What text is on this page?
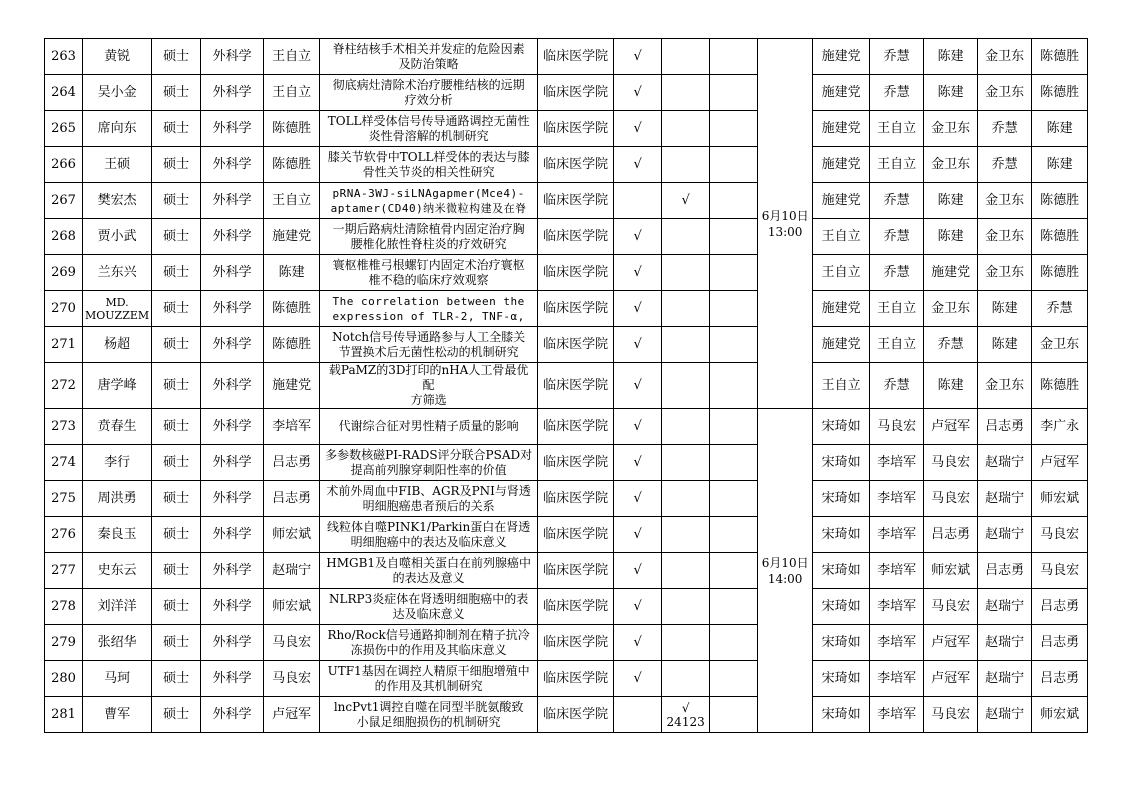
263	黄锐	硕士	外科学	王自立	脊柱结核手术相关并发症的危险因素
及防治策略	临床医学院	√			6月10日
13:00	施建党	乔慧	陈建	金卫东	陈德胜
264	吴小金	硕士	外科学	王自立	彻底病灶清除术治疗腰椎结核的远期
疗效分析	临床医学院	√				施建党	乔慧	陈建	金卫东	陈德胜
265	席向东	硕士	外科学	陈德胜	TOLL样受体信号传导通路调控无菌性
炎性骨溶解的机制研究	临床医学院	√				施建党	王自立	金卫东	乔慧	陈建
266	王硕	硕士	外科学	陈德胜	膝关节软骨中TOLL样受体的表达与膝
骨性关节炎的相关性研究	临床医学院	√				施建党	王自立	金卫东	乔慧	陈建
267	樊宏杰	硕士	外科学	王自立	pRNA-3WJ-siLNAgapmer(Mce4)-
aptamer(CD40)纳米微粒构建及在脊	临床医学院		√			施建党	乔慧	陈建	金卫东	陈德胜
268	贾小武	硕士	外科学	施建党	一期后路病灶清除植骨内固定治疗胸
腰椎化脓性脊柱炎的疗效研究	临床医学院	√				王自立	乔慧	陈建	金卫东	陈德胜
269	兰东兴	硕士	外科学	陈建	寰枢椎椎弓根螺钉内固定术治疗寰枢
椎不稳的临床疗效观察	临床医学院	√				王自立	乔慧	施建党	金卫东	陈德胜
270	MD.
MOUZZEM	硕士	外科学	陈德胜	The correlation between the
expression of TLR-2, TNF-α,	临床医学院	√				施建党	王自立	金卫东	陈建	乔慧
271	杨超	硕士	外科学	陈德胜	Notch信号传导通路参与人工全膝关
节置换术后无菌性松动的机制研究	临床医学院	√				施建党	王自立	乔慧	陈建	金卫东
272	唐学峰	硕士	外科学	施建党	载PaMZ的3D打印的nHA人工骨最优配
方筛选	临床医学院	√				王自立	乔慧	陈建	金卫东	陈德胜
273	贲春生	硕士	外科学	李培军	代谢综合征对男性精子质量的影响	临床医学院	√			6月10日
14:00	宋琦如	马良宏	卢冠军	吕志勇	李广永
274	李行	硕士	外科学	吕志勇	多参数核磁PI-RADS评分联合PSAD对
提高前列腺穿刺阳性率的价值	临床医学院	√				宋琦如	李培军	马良宏	赵瑞宁	卢冠军
275	周洪勇	硕士	外科学	吕志勇	术前外周血中FIB、AGR及PNI与肾透
明细胞癌患者预后的关系	临床医学院	√				宋琦如	李培军	马良宏	赵瑞宁	师宏斌
276	秦良玉	硕士	外科学	师宏斌	线粒体自噬PINK1/Parkin蛋白在肾透
明细胞癌中的表达及临床意义	临床医学院	√				宋琦如	李培军	吕志勇	赵瑞宁	马良宏
277	史东云	硕士	外科学	赵瑞宁	HMGB1及自噬相关蛋白在前列腺癌中
的表达及意义	临床医学院	√				宋琦如	李培军	师宏斌	吕志勇	马良宏
278	刘洋洋	硕士	外科学	师宏斌	NLRP3炎症体在肾透明细胞癌中的表
达及临床意义	临床医学院	√				宋琦如	李培军	马良宏	赵瑞宁	吕志勇
279	张绍华	硕士	外科学	马良宏	Rho/Rock信号通路抑制剂在精子抗冷
冻损伤中的作用及其临床意义	临床医学院	√				宋琦如	李培军	卢冠军	赵瑞宁	吕志勇
280	马珂	硕士	外科学	马良宏	UTF1基因在调控人精原干细胞增殖中
的作用及其机制研究	临床医学院	√				宋琦如	李培军	卢冠军	赵瑞宁	吕志勇
281	曹军	硕士	外科学	卢冠军	lncPvt1调控自噬在同型半胱氨酸致
小鼠足细胞损伤的机制研究	临床医学院		√
24123			宋琦如	李培军	马良宏	赵瑞宁	师宏斌
